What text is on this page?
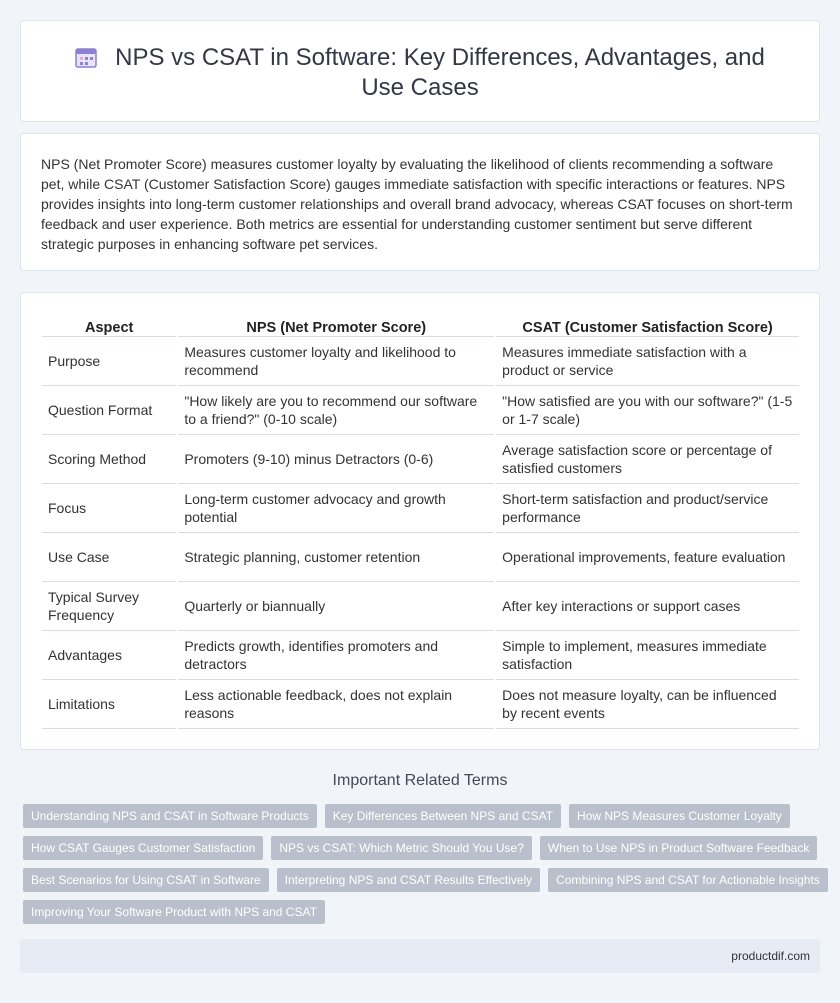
NPS vs CSAT in Software: Key Differences, Advantages, and Use Cases

NPS (Net Promoter Score) measures customer loyalty by evaluating the likelihood of clients recommending a software pet, while CSAT (Customer Satisfaction Score) gauges immediate satisfaction with specific interactions or features. NPS provides insights into long-term customer relationships and overall brand advocacy, whereas CSAT focuses on short-term feedback and user experience. Both metrics are essential for understanding customer sentiment but serve different strategic purposes in enhancing software pet services.

Aspect		NPS (Net Promoter Score)		CSAT (Customer Satisfaction Score)
Purpose		Measures customer loyalty and likelihood to recommend		Measures immediate satisfaction with a product or service
Question Format		"How likely are you to recommend our software to a friend?" (0-10 scale)		"How satisfied are you with our software?" (1-5 or 1-7 scale)
Scoring Method		Promoters (9-10) minus Detractors (0-6)		Average satisfaction score or percentage of satisfied customers
Focus		Long-term customer advocacy and growth potential		Short-term satisfaction and product/service performance
Use Case		Strategic planning, customer retention		Operational improvements, feature evaluation
Typical Survey Frequency		Quarterly or biannually		After key interactions or support cases
Advantages		Predicts growth, identifies promoters and detractors		Simple to implement, measures immediate satisfaction
Limitations		Less actionable feedback, does not explain reasons		Does not measure loyalty, can be influenced by recent events
Important Related Terms
Understanding NPS and CSAT in Software Products	Key Differences Between NPS and CSAT	How NPS Measures Customer Loyalty
How CSAT Gauges Customer Satisfaction	NPS vs CSAT: Which Metric Should You Use?	When to Use NPS in Product Software Feedback
Best Scenarios for Using CSAT in Software	Interpreting NPS and CSAT Results Effectively	Combining NPS and CSAT for Actionable Insights
Improving Your Software Product with NPS and CSAT
productdif.com
